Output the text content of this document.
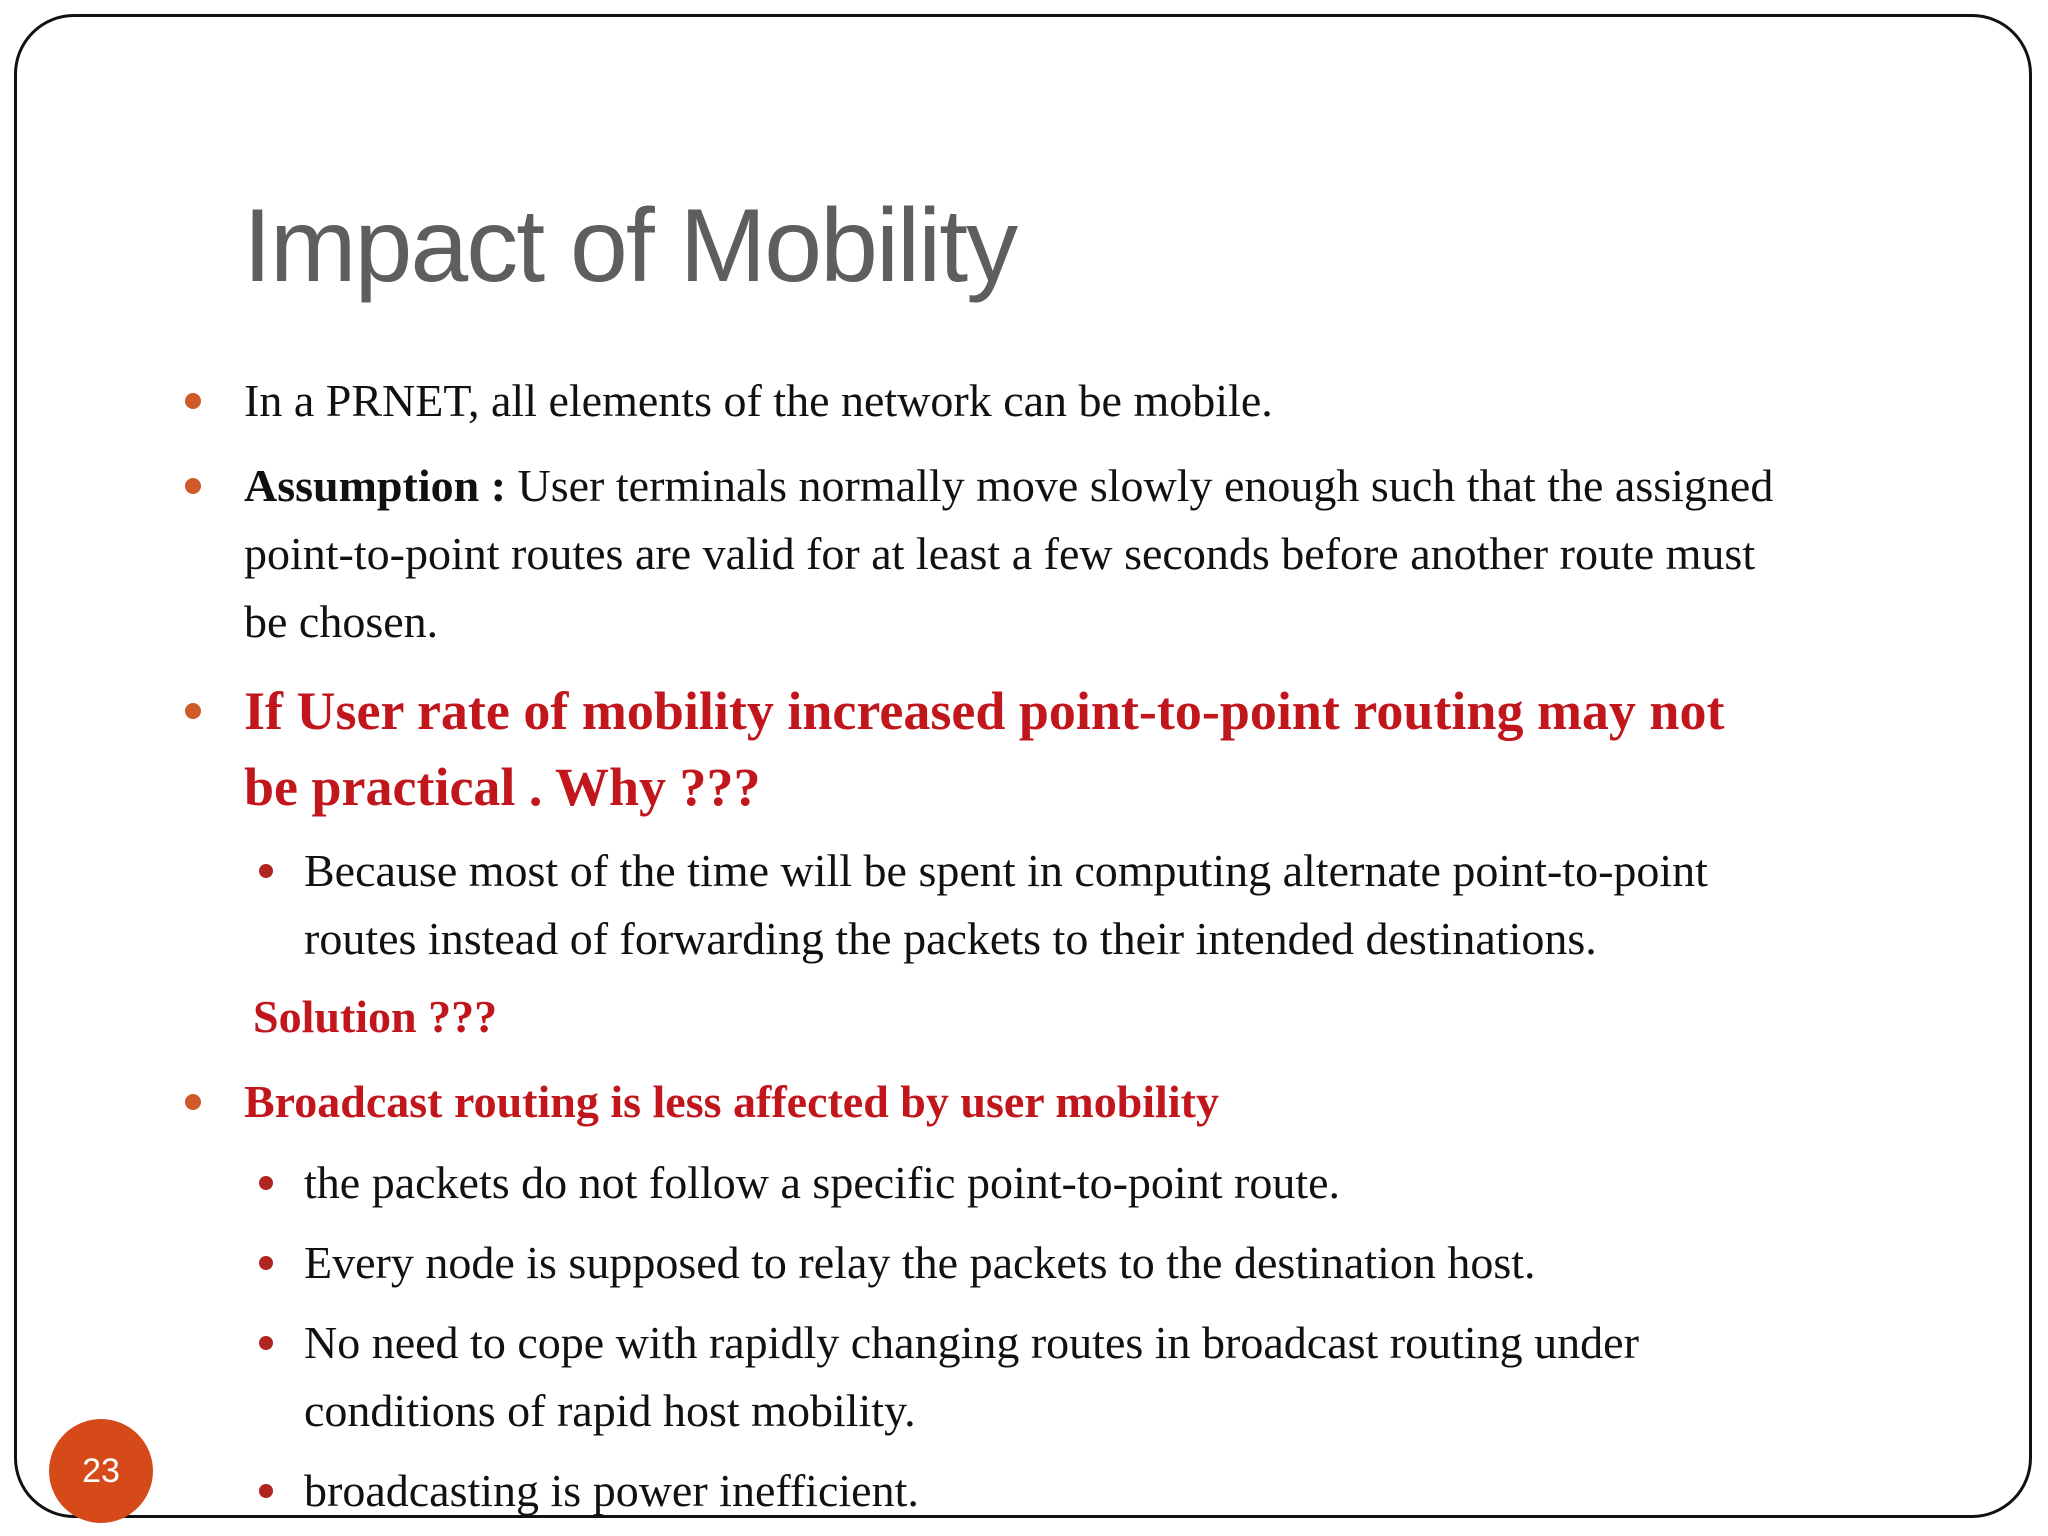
Impact of Mobility
In a PRNET, all elements of the network can be mobile.
Assumption : User terminals normally move slowly enough such that the assigned
point-to-point routes are valid for at least a few seconds before another route must
be chosen.
If User rate of mobility increased point-to-point routing may not
be practical . Why ???
Because most of the time will be spent in computing alternate point-to-point
routes instead of forwarding the packets to their intended destinations.
Solution ???
Broadcast routing is less affected by user mobility
the packets do not follow a specific point-to-point route.
Every node is supposed to relay the packets to the destination host.
No need to cope with rapidly changing routes in broadcast routing under
conditions of rapid host mobility.
broadcasting is power inefficient.
23
